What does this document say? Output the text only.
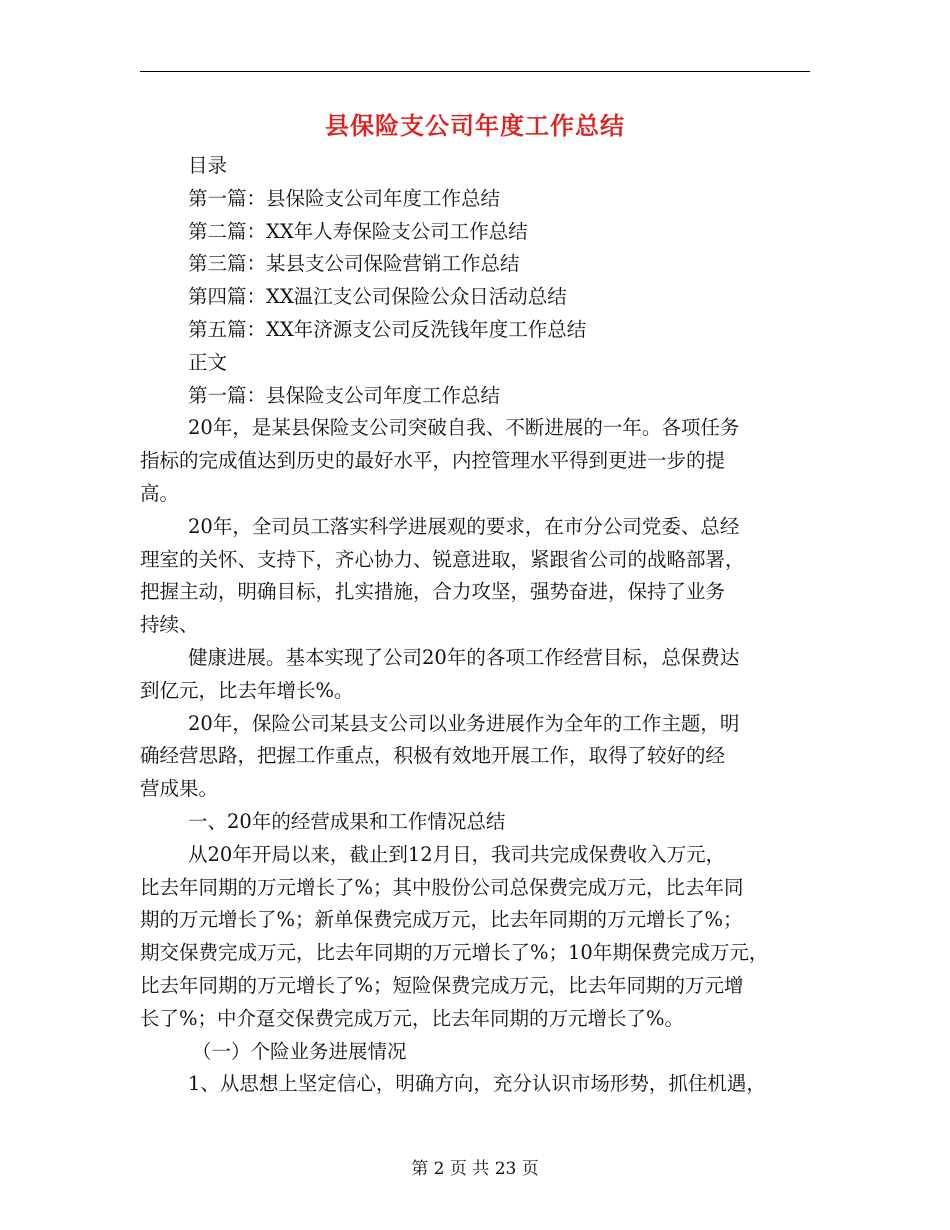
县保险支公司年度工作总结
目录
第一篇：县保险支公司年度工作总结
第二篇：XX年人寿保险支公司工作总结
第三篇：某县支公司保险营销工作总结
第四篇：XX温江支公司保险公众日活动总结
第五篇：XX年济源支公司反洗钱年度工作总结
正文
第一篇：县保险支公司年度工作总结
20年，是某县保险支公司突破自我、不断进展的一年。各项任务
指标的完成值达到历史的最好水平，内控管理水平得到更进一步的提
高。
20年，全司员工落实科学进展观的要求，在市分公司党委、总经
理室的关怀、支持下，齐心协力、锐意进取，紧跟省公司的战略部署，
把握主动，明确目标，扎实措施，合力攻坚，强势奋进，保持了业务
持续、
健康进展。基本实现了公司20年的各项工作经营目标，总保费达
到亿元，比去年增长%。
20年，保险公司某县支公司以业务进展作为全年的工作主题，明
确经营思路，把握工作重点，积极有效地开展工作，取得了较好的经
营成果。
一、20年的经营成果和工作情况总结
从20年开局以来，截止到12月日，我司共完成保费收入万元，
比去年同期的万元增长了%；其中股份公司总保费完成万元，比去年同
期的万元增长了%；新单保费完成万元，比去年同期的万元增长了%；
期交保费完成万元，比去年同期的万元增长了%；10年期保费完成万元，
比去年同期的万元增长了%；短险保费完成万元，比去年同期的万元增
长了%；中介趸交保费完成万元，比去年同期的万元增长了%。
（一）个险业务进展情况
1、从思想上坚定信心，明确方向，充分认识市场形势，抓住机遇，
第 2 页 共 23 页
